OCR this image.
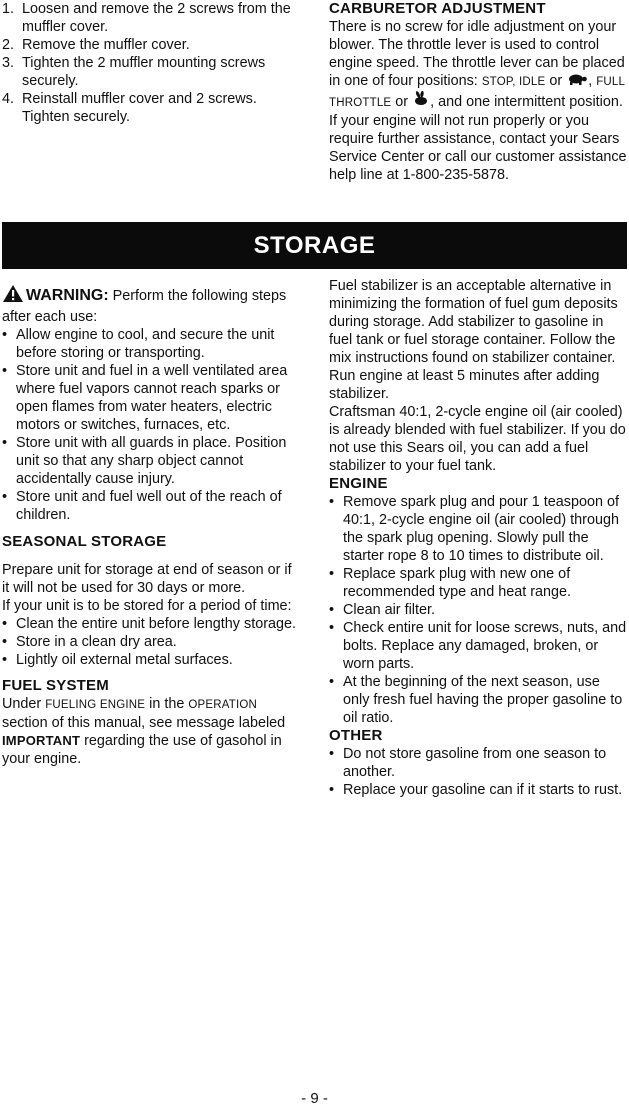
1. Loosen and remove the 2 screws from the muffler cover.
2. Remove the muffler cover.
3. Tighten the 2 muffler mounting screws securely.
4. Reinstall muffler cover and 2 screws. Tighten securely.

CARBURETOR ADJUSTMENT

There is no screw for idle adjustment on your blower. The throttle lever is used to control engine speed. The throttle lever can be placed in one of four positions: STOP, IDLE or , FULL THROTTLE or , and one intermittent position. If your engine will not run properly or you require further assistance, contact your Sears Service Center or call our customer assistance help line at 1-800-235-5878.

STORAGE

WARNING: Perform the following steps after each use:

• Allow engine to cool, and secure the unit before storing or transporting.
• Store unit and fuel in a well ventilated area where fuel vapors cannot reach sparks or open flames from water heaters, electric motors or switches, furnaces, etc.
• Store unit with all guards in place. Position unit so that any sharp object cannot accidentally cause injury.
• Store unit and fuel well out of the reach of children.

SEASONAL STORAGE

Prepare unit for storage at end of season or if it will not be used for 30 days or more.

If your unit is to be stored for a period of time:

• Clean the entire unit before lengthy storage.
• Store in a clean dry area.
• Lightly oil external metal surfaces.

FUEL SYSTEM

Under FUELING ENGINE in the OPERATION section of this manual, see message labeled IMPORTANT regarding the use of gasohol in your engine.

Fuel stabilizer is an acceptable alternative in minimizing the formation of fuel gum deposits during storage. Add stabilizer to gasoline in fuel tank or fuel storage container. Follow the mix instructions found on stabilizer container. Run engine at least 5 minutes after adding stabilizer.

Craftsman 40:1, 2-cycle engine oil (air cooled) is already blended with fuel stabilizer. If you do not use this Sears oil, you can add a fuel stabilizer to your fuel tank.

ENGINE

• Remove spark plug and pour 1 teaspoon of 40:1, 2-cycle engine oil (air cooled) through the spark plug opening. Slowly pull the starter rope 8 to 10 times to distribute oil.
• Replace spark plug with new one of recommended type and heat range.
• Clean air filter.
• Check entire unit for loose screws, nuts, and bolts. Replace any damaged, broken, or worn parts.
• At the beginning of the next season, use only fresh fuel having the proper gasoline to oil ratio.

OTHER

• Do not store gasoline from one season to another.
• Replace your gasoline can if it starts to rust.
- 9 -
